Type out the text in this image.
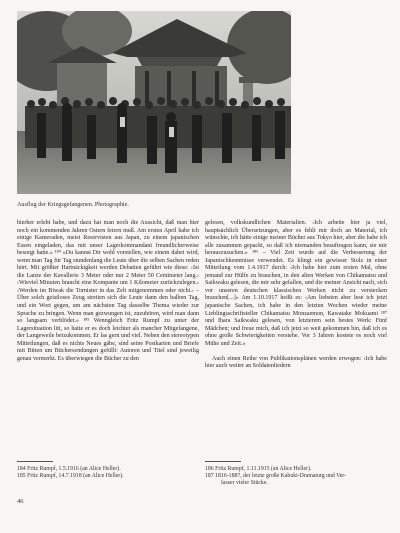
Ausflug der Kriegsgefangenen. Photographie.

hierher erlebt habe, und dazu hat man noch die Aussicht, daß man hier noch ein kommenden Jahren Ostern feiern muß. Am ersten April habe ich einige Kameraden, meist Reservisten aus Japan, zu einem japanischen Essen eingeladen, das mit unser Lagerkommandant freundlicherweise besorgt hatte.» ¹⁸⁴ «Du kannst Dir wohl vorstellen, wie einem dabei wird, wenn man Tag für Tag stundenlang die Leute über die selben Sachen reden hört. Mit größter Hartnäckigkeit werden Debatten geführt wie diese: ‹Ist die Lanze der Kavallerie 3 Meter oder nur 2 Meter 50 Centimeter lang.› ‹Wieviel Minuten braucht eine Kompanie um 1 Kilometer zurückzulegen.› ‹Werden im Biwak die Tornister in das Zelt mitgenommen oder nicht.› – Über solch geistloses Zeug streiten sich die Leute dann den halben Tag, und ein Wort gegen, um am nächsten Tag dasselbe Thema wieder zur Sprache zu bringen. Wenn man gezwungen ist, zuzuhören, wird man dann so langsam verblödet.» ¹⁸⁵ Wenngleich Fritz Rumpf zu unter der Lagersituation litt, so hatte er es doch leichter als mancher Mitgefangene, der Langeweile beizukommen. Er las gern und viel. Neben den stereotypen Mitteilungen, daß es nichts Neues gäbe, sind seine Postkarten und Briefe mit Bitten um Büchersendungen gefüllt: Autoren und Titel sind jeweilig genau vermerkt. Es überwiegen die Bücher zu den

gelesen, volkskundlichen Materialien. ‹Ich arbeite hier ja viel, hauptsächlich Übersetzungen, aber es fehlt mir doch an Material, ich wünschte, ich hätte einige meiner Bücher aus Tokyo hier, aber die habe ich alle zusammen gepackt, so daß ich niemanden beauftragen kann, sie mir herauszusuchen.» ¹⁸⁶ – Viel Zeit wurde auf die Verbesserung der Japanischkenntnisse verwendet. Es klingt ein gewisser Stolz in einer Mitteilung vom 1.4.1917 durch: ‹Ich habe hier zum ersten Mal, ohne jemand zur Hülfe zu brauchen, in den alten Werken von Chikamatsu und Saikwaku gelesen, die mir sehr gefallen, und die meiner Ansicht nach, sich vor unseren deutschen klassischen Werken nicht zu verstecken brauchen[...]» Am 1.10.1917 heißt es: ‹Am liebsten aber lese ich jetzt japanische Sachen, ich habe in den letzten Wochen wieder meine Lieblingsschriftsteller Chikamatsu Monzaemon, Kawatake Mokuami ¹⁸⁷ und Ihara Saikwaku gelesen, von letzterem sein bestes Werk: Fünf Mädchen; und freue mich, daß ich jetzt so weit gekommen bin, daß ich es ohne große Schwierigkeiten verstehe. Vor 3 Jahren kostete es noch viel Mühe und Zeit.»

Auch einen Reihe von Publikationsplänen werden erwogen: ‹Ich habe hier auch weiter an Soldatenliedern

184 Fritz Rumpf, 1.5.1916 (an Alice Heller).
185 Fritz Rumpf, 14.7.1918 (an Alice Heller).
186 Fritz Rumpf, 1.11.1915 (an Alice Heller).
187 1816-1887, der letzte große Kabuki-Dramaturg und Ver-
fasser vieler Stücke.
46
